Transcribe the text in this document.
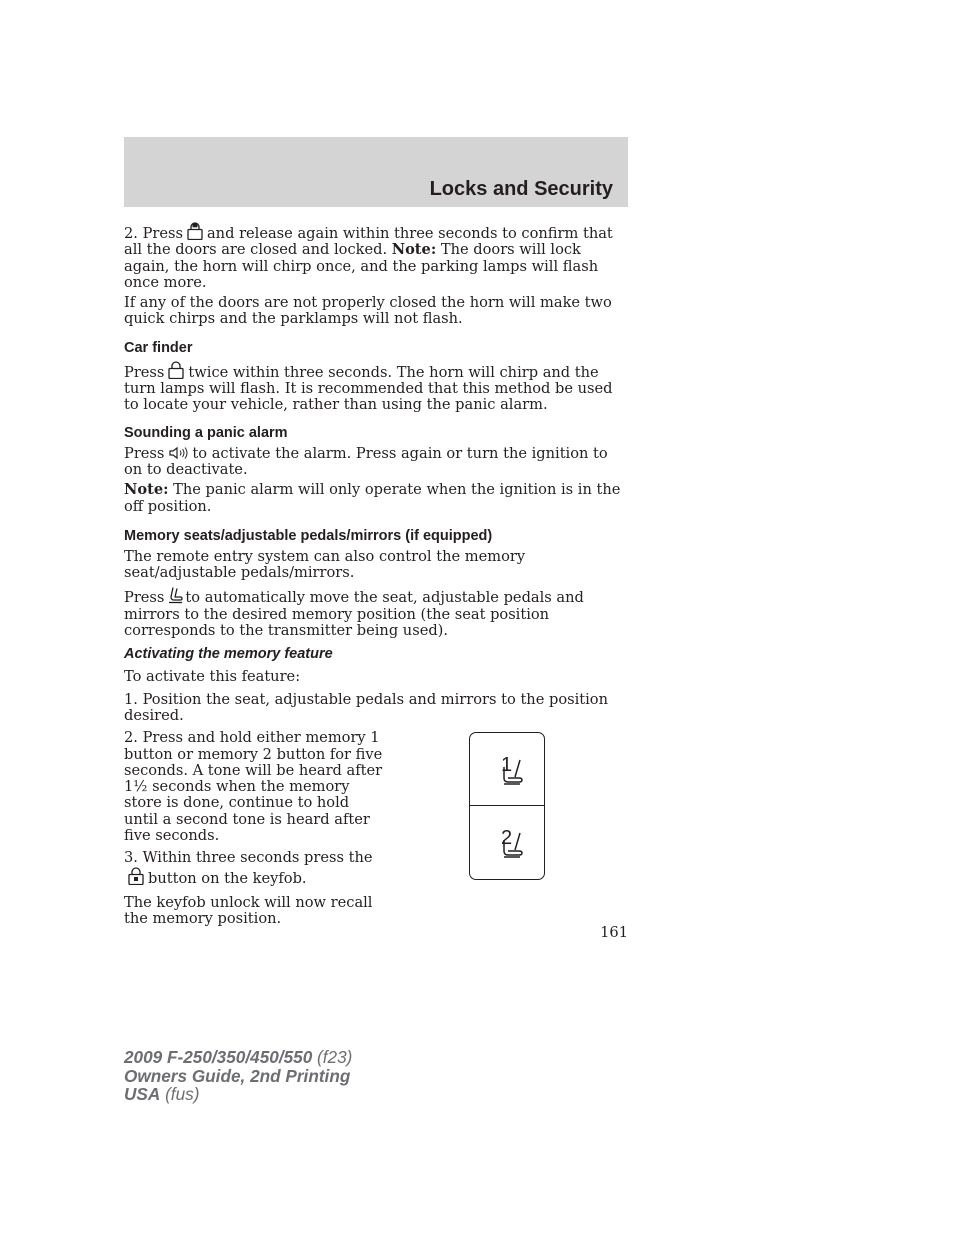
Locks and Security

2. Press and release again within three seconds to confirm that all the doors are closed and locked. Note: The doors will lock again, the horn will chirp once, and the parking lamps will flash once more.

If any of the doors are not properly closed the horn will make two quick chirps and the parklamps will not flash.

Car finder

Press twice within three seconds. The horn will chirp and the turn lamps will flash. It is recommended that this method be used to locate your vehicle, rather than using the panic alarm.

Sounding a panic alarm

Press to activate the alarm. Press again or turn the ignition to on to deactivate.

Note: The panic alarm will only operate when the ignition is in the off position.

Memory seats/adjustable pedals/mirrors (if equipped)

The remote entry system can also control the memory seat/adjustable pedals/mirrors.

Press to automatically move the seat, adjustable pedals and mirrors to the desired memory position (the seat position corresponds to the transmitter being used).

Activating the memory feature

To activate this feature:

1. Position the seat, adjustable pedals and mirrors to the position desired.

2. Press and hold either memory 1 button or memory 2 button for five seconds. A tone will be heard after 1½ seconds when the memory store is done, continue to hold until a second tone is heard after five seconds.

3. Within three seconds press the
button on the keyfob.

The keyfob unlock will now recall the memory position.

1
2

161

2009 F-250/350/450/550 (f23)
Owners Guide, 2nd Printing
USA (fus)
